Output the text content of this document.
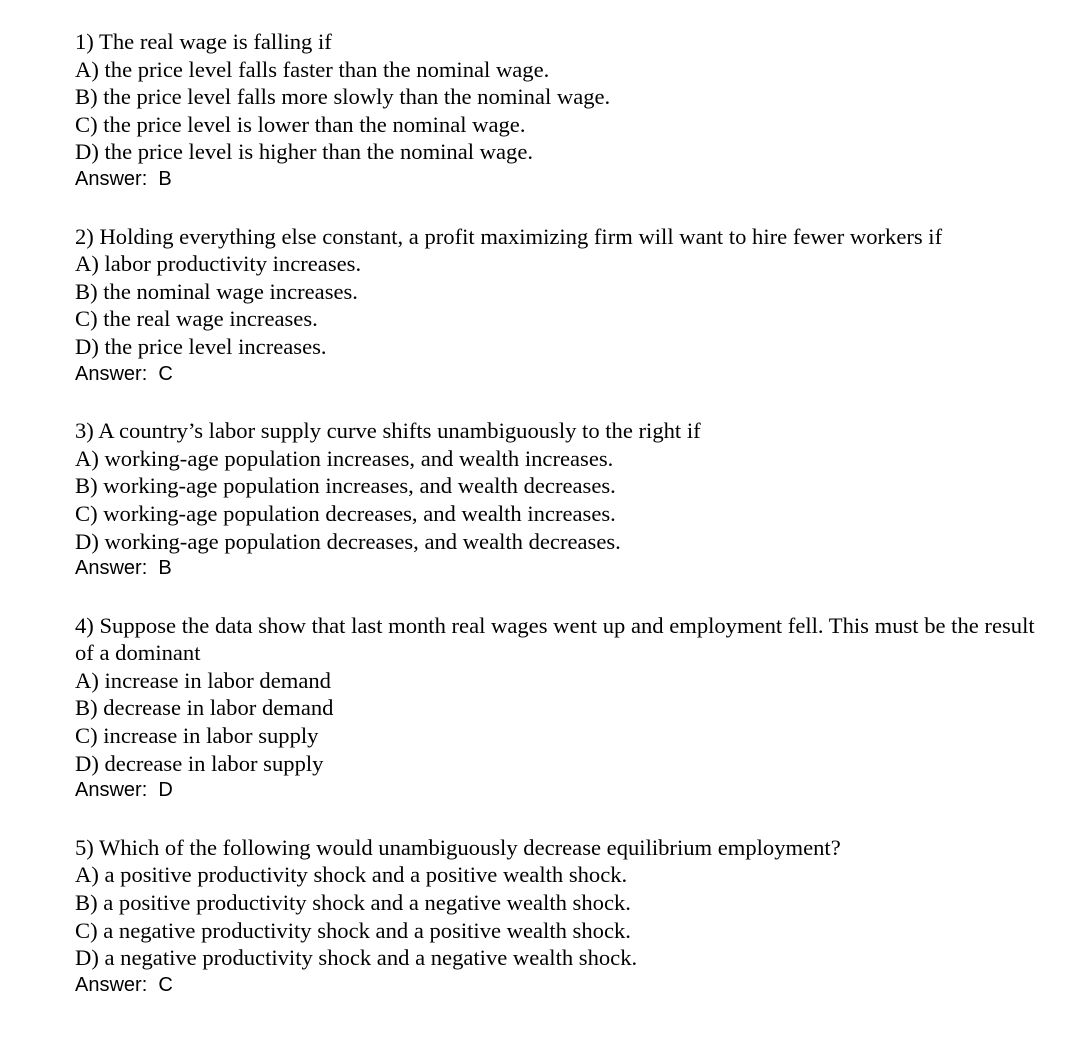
1) The real wage is falling if
A) the price level falls faster than the nominal wage.
B) the price level falls more slowly than the nominal wage.
C) the price level is lower than the nominal wage.
D) the price level is higher than the nominal wage.
Answer:  B
2) Holding everything else constant, a profit maximizing firm will want to hire fewer workers if
A) labor productivity increases.
B) the nominal wage increases.
C) the real wage increases.
D) the price level increases.
Answer:  C
3) A country’s labor supply curve shifts unambiguously to the right if
A) working-age population increases, and wealth increases.
B) working-age population increases, and wealth decreases.
C) working-age population decreases, and wealth increases.
D) working-age population decreases, and wealth decreases.
Answer:  B
4) Suppose the data show that last month real wages went up and employment fell. This must be the result of a dominant
A) increase in labor demand
B) decrease in labor demand
C) increase in labor supply
D) decrease in labor supply
Answer:  D
5) Which of the following would unambiguously decrease equilibrium employment?
A) a positive productivity shock and a positive wealth shock.
B) a positive productivity shock and a negative wealth shock.
C) a negative productivity shock and a positive wealth shock.
D) a negative productivity shock and a negative wealth shock.
Answer:  C
